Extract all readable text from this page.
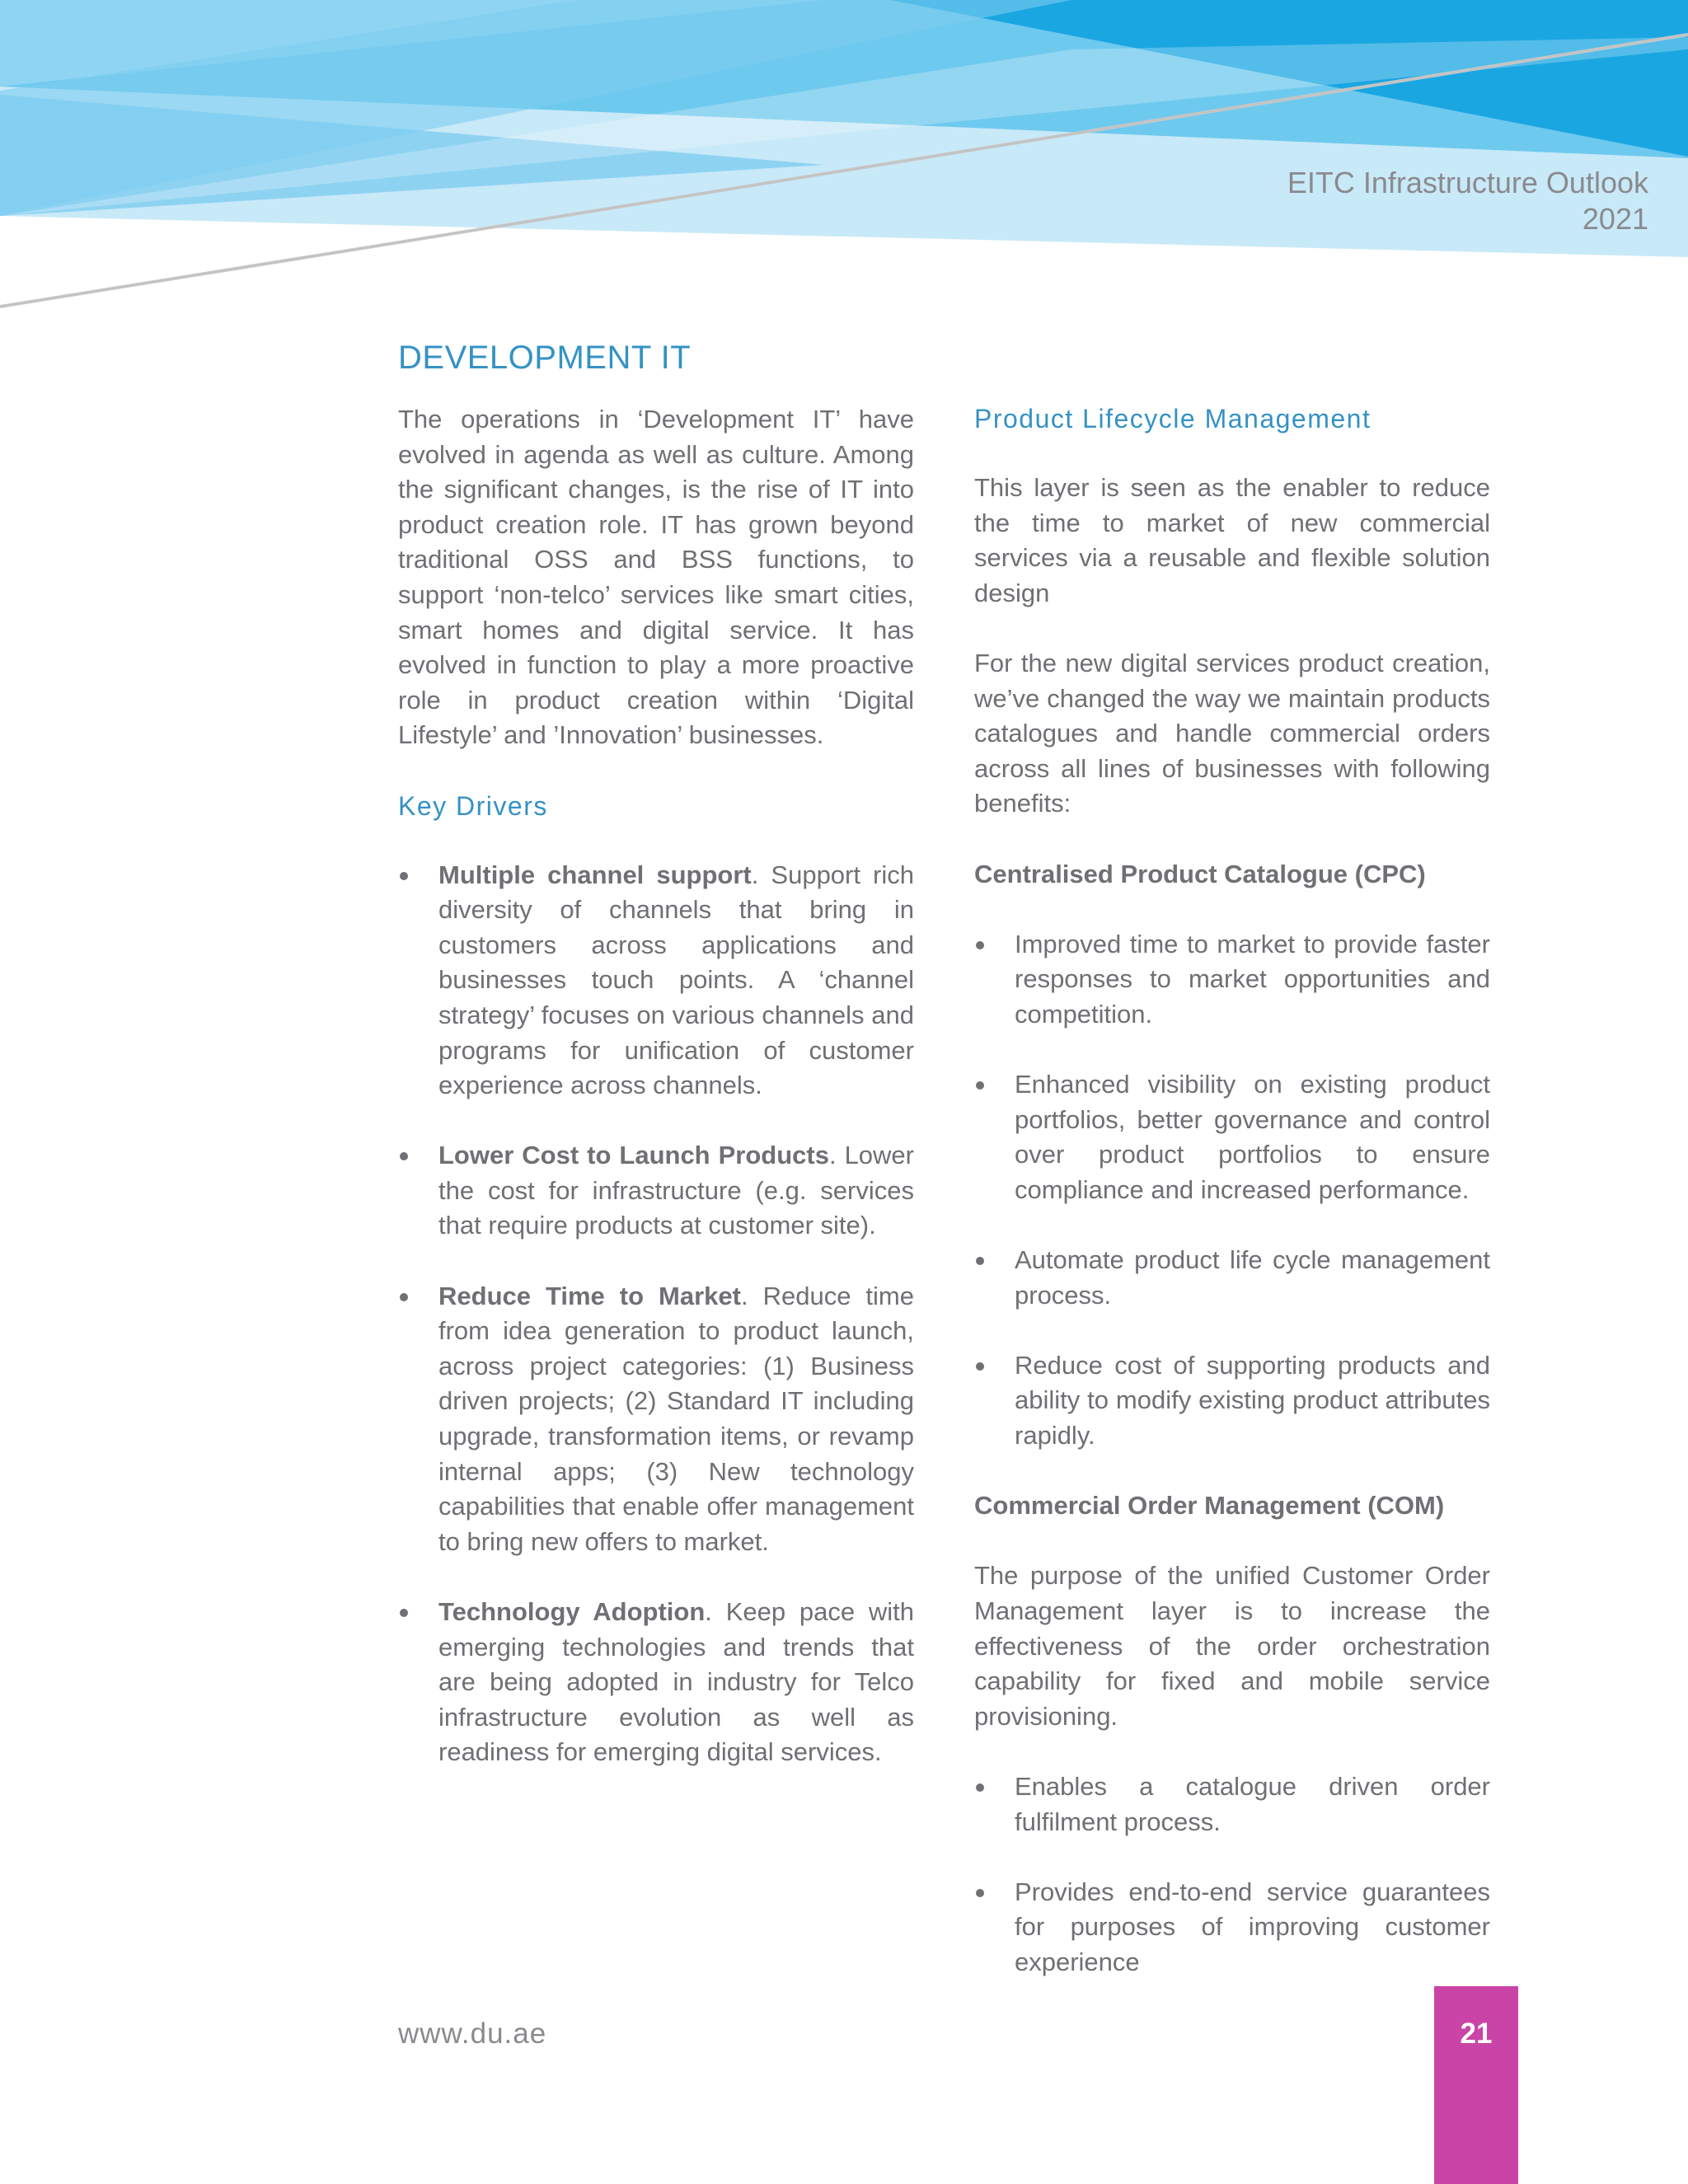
EITC Infrastructure Outlook
2021
DEVELOPMENT IT

The operations in ‘Development IT’ have evolved in agenda as well as culture. Among the significant changes, is the rise of IT into product creation role. IT has grown beyond traditional OSS and BSS functions, to support ‘non-telco’ services like smart cities, smart homes and digital service. It has evolved in function to play a more proactive role in product creation within ‘Digital Lifestyle’ and ’Innovation’ businesses.

Key Drivers
Multiple channel support. Support rich diversity of channels that bring in customers across applications and businesses touch points. A ‘channel strategy’ focuses on various channels and programs for unification of customer experience across channels.
Lower Cost to Launch Products. Lower the cost for infrastructure (e.g. services that require products at customer site).
Reduce Time to Market. Reduce time from idea generation to product launch, across project categories: (1) Business driven projects; (2) Standard IT including upgrade, transformation items, or revamp internal apps; (3) New technology capabilities that enable offer management to bring new offers to market.
Technology Adoption. Keep pace with emerging technologies and trends that are being adopted in industry for Telco infrastructure evolution as well as readiness for emerging digital services.
Product Lifecycle Management

This layer is seen as the enabler to reduce the time to market of new commercial services via a reusable and flexible solution design

For the new digital services product creation, we’ve changed the way we maintain products catalogues and handle commercial orders across all lines of businesses with following benefits:

Centralised Product Catalogue (CPC)
Improved time to market to provide faster responses to market opportunities and competition.
Enhanced visibility on existing product portfolios, better governance and control over product portfolios to ensure compliance and increased performance.
Automate product life cycle management process.
Reduce cost of supporting products and ability to modify existing product attributes rapidly.
Commercial Order Management (COM)

The purpose of the unified Customer Order Management layer is to increase the effectiveness of the order orchestration capability for fixed and mobile service provisioning.

Enables a catalogue driven order fulfilment process.
Provides end-to-end service guarantees for purposes of improving customer experience
www.du.ae	21
